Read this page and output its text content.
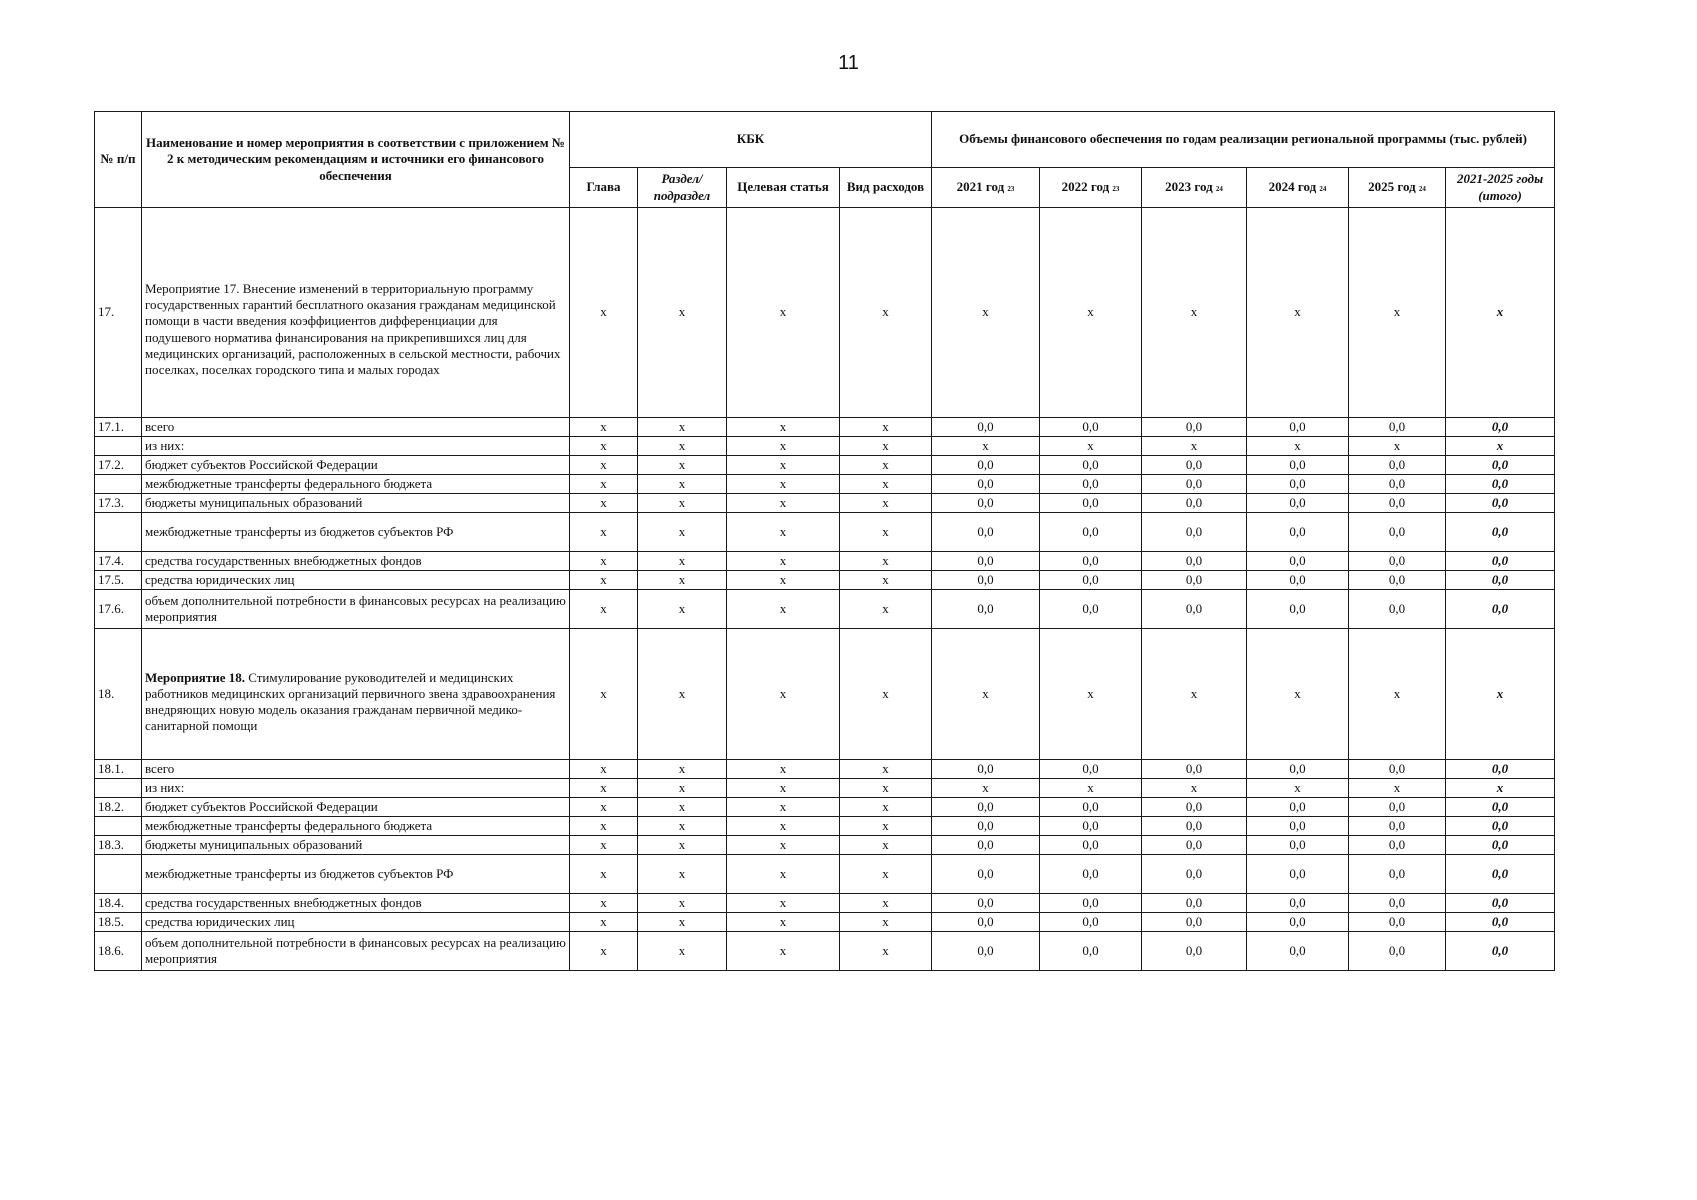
11
№ п/п	Наименование и номер мероприятия в соответствии с приложением № 2 к методическим рекомендациям и источники его финансового обеспечения	КБК				Объемы финансового обеспечения по годам реализации региональной программы (тыс. рублей)					
		Глава	Раздел/ подраздел	Целевая статья	Вид расходов	2021 год 23	2022 год 23	2023 год 24	2024 год 24	2025 год 24	2021-2025 годы (итого)
17.	Мероприятие 17. Внесение изменений в территориальную программу государственных гарантий бесплатного оказания гражданам медицинской помощи в части введения коэффициентов дифференциации для подушевого норматива финансирования на прикрепившихся лиц для медицинских организаций, расположенных в сельской местности, рабочих поселках, поселках городского типа и малых городах	x	x	x	x	x	x	x	x	x	x
17.1.	всего	x	x	x	x	0,0	0,0	0,0	0,0	0,0	0,0
	из них:	x	x	x	x	x	x	x	x	x	x
17.2.	бюджет субъектов Российской Федерации	x	x	x	x	0,0	0,0	0,0	0,0	0,0	0,0
	межбюджетные трансферты федерального бюджета	x	x	x	x	0,0	0,0	0,0	0,0	0,0	0,0
17.3.	бюджеты муниципальных образований	x	x	x	x	0,0	0,0	0,0	0,0	0,0	0,0
	межбюджетные трансферты из бюджетов субъектов РФ	x	x	x	x	0,0	0,0	0,0	0,0	0,0	0,0
17.4.	средства государственных внебюджетных фондов	x	x	x	x	0,0	0,0	0,0	0,0	0,0	0,0
17.5.	средства юридических лиц	x	x	x	x	0,0	0,0	0,0	0,0	0,0	0,0
17.6.	объем дополнительной потребности в финансовых ресурсах на реализацию мероприятия	x	x	x	x	0,0	0,0	0,0	0,0	0,0	0,0
18.	Мероприятие 18. Стимулирование руководителей и медицинских работников медицинских организаций первичного звена здравоохранения внедряющих новую модель оказания гражданам первичной медико-санитарной помощи	x	x	x	x	x	x	x	x	x	x
18.1.	всего	x	x	x	x	0,0	0,0	0,0	0,0	0,0	0,0
	из них:	x	x	x	x	x	x	x	x	x	x
18.2.	бюджет субъектов Российской Федерации	x	x	x	x	0,0	0,0	0,0	0,0	0,0	0,0
	межбюджетные трансферты федерального бюджета	x	x	x	x	0,0	0,0	0,0	0,0	0,0	0,0
18.3.	бюджеты муниципальных образований	x	x	x	x	0,0	0,0	0,0	0,0	0,0	0,0
	межбюджетные трансферты из бюджетов субъектов РФ	x	x	x	x	0,0	0,0	0,0	0,0	0,0	0,0
18.4.	средства государственных внебюджетных фондов	x	x	x	x	0,0	0,0	0,0	0,0	0,0	0,0
18.5.	средства юридических лиц	x	x	x	x	0,0	0,0	0,0	0,0	0,0	0,0
18.6.	объем дополнительной потребности в финансовых ресурсах на реализацию мероприятия	x	x	x	x	0,0	0,0	0,0	0,0	0,0	0,0
